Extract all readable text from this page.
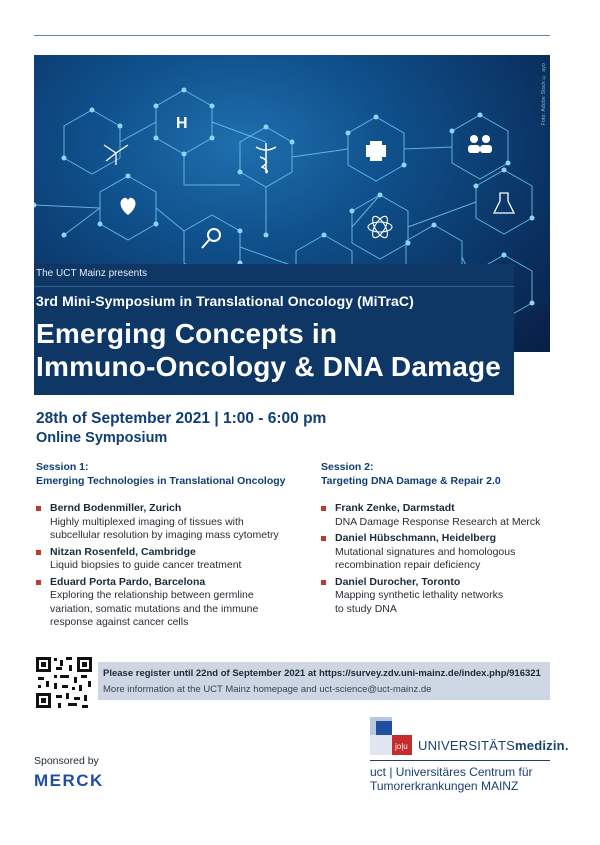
H	Foto: Adobe Stock © ayo
The UCT Mainz presents
3rd Mini-Symposium in Translational Oncology (MiTraC)
Emerging Concepts in
Immuno-Oncology & DNA Damage
28th of September 2021 | 1:00 - 6:00 pm
Online Symposium
Session 1:
Emerging Technologies in Translational Oncology
Bernd Bodenmiller, Zurich
Highly multiplexed imaging of tissues with
subcellular resolution by imaging mass cytometry
Nitzan Rosenfeld, Cambridge
Liquid biopsies to guide cancer treatment
Eduard Porta Pardo, Barcelona
Exploring the relationship between germline
variation, somatic mutations and the immune
response against cancer cells
Session 2:
Targeting DNA Damage & Repair 2.0
Frank Zenke, Darmstadt
DNA Damage Response Research at Merck
Daniel Hübschmann, Heidelberg
Mutational signatures and homologous
recombination repair deficiency
Daniel Durocher, Toronto
Mapping synthetic lethality networks
to study DNA
Please register until 22nd of September 2021 at https://survey.zdv.uni-mainz.de/index.php/916321
More information at the UCT Mainz homepage and uct-science@uct-mainz.de
Sponsored by
MERCK
jo|u UNIVERSITÄTSmedizin.
uct | Universitäres Centrum für
Tumorerkrankungen MAINZ
